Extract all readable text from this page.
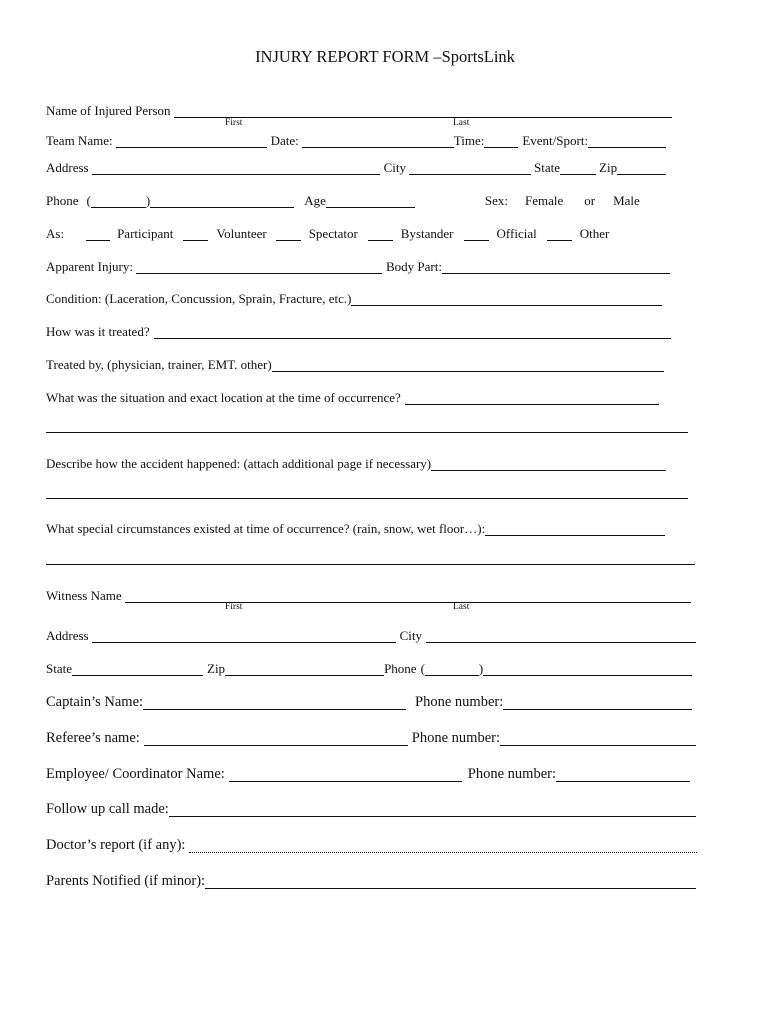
INJURY REPORT FORM –SportsLink
Name of Injured Person
First	Last
Team Name:	Date:	Time:	Event/Sport:
Address	City	State	Zip
Phone (	)	Age	Sex: Female or Male
As:	Participant	Volunteer	Spectator	Bystander	Official	Other
Apparent Injury:	Body Part:
Condition: (Laceration, Concussion, Sprain, Fracture, etc.)
How was it treated?
Treated by, (physician, trainer, EMT. other)
What was the situation and exact location at the time of occurrence?
Describe how the accident happened: (attach additional page if necessary)
What special circumstances existed at time of occurrence? (rain, snow, wet floor…):
Witness Name
First	Last
Address	City
State	Zip	Phone (	)
Captain’s Name:	Phone number:
Referee’s name:	Phone number:
Employee/ Coordinator Name:	Phone number:
Follow up call made:
Doctor’s report (if any):
Parents Notified (if minor):
